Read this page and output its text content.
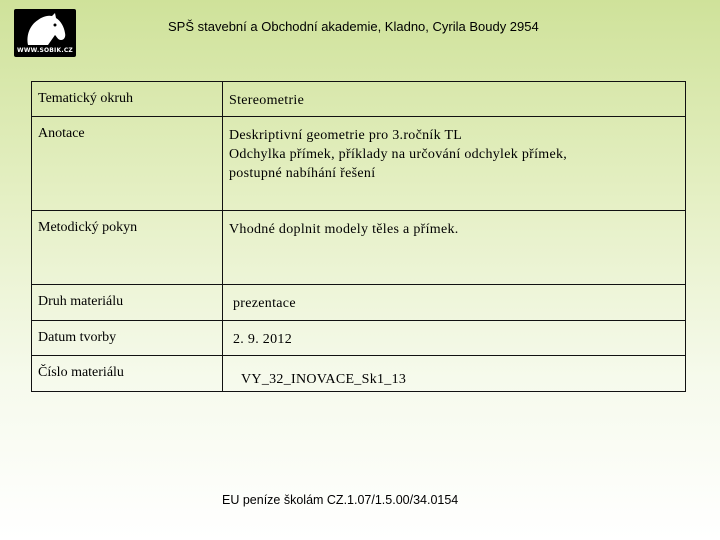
WWW.SOBIK.CZ
SPŠ stavební a Obchodní akademie, Kladno, Cyrila Boudy 2954
Tematický okruh	Stereometrie
Anotace	Deskriptivní geometrie pro 3.ročník TL
Odchylka přímek, příklady na určování odchylek přímek,
postupné nabíhání řešení

Metodický pokyn	Vhodné doplnit modely těles a přímek.
Druh materiálu	prezentace
Datum tvorby	2. 9. 2012
Číslo materiálu	VY_32_INOVACE_Sk1_13
EU peníze školám CZ.1.07/1.5.00/34.0154
